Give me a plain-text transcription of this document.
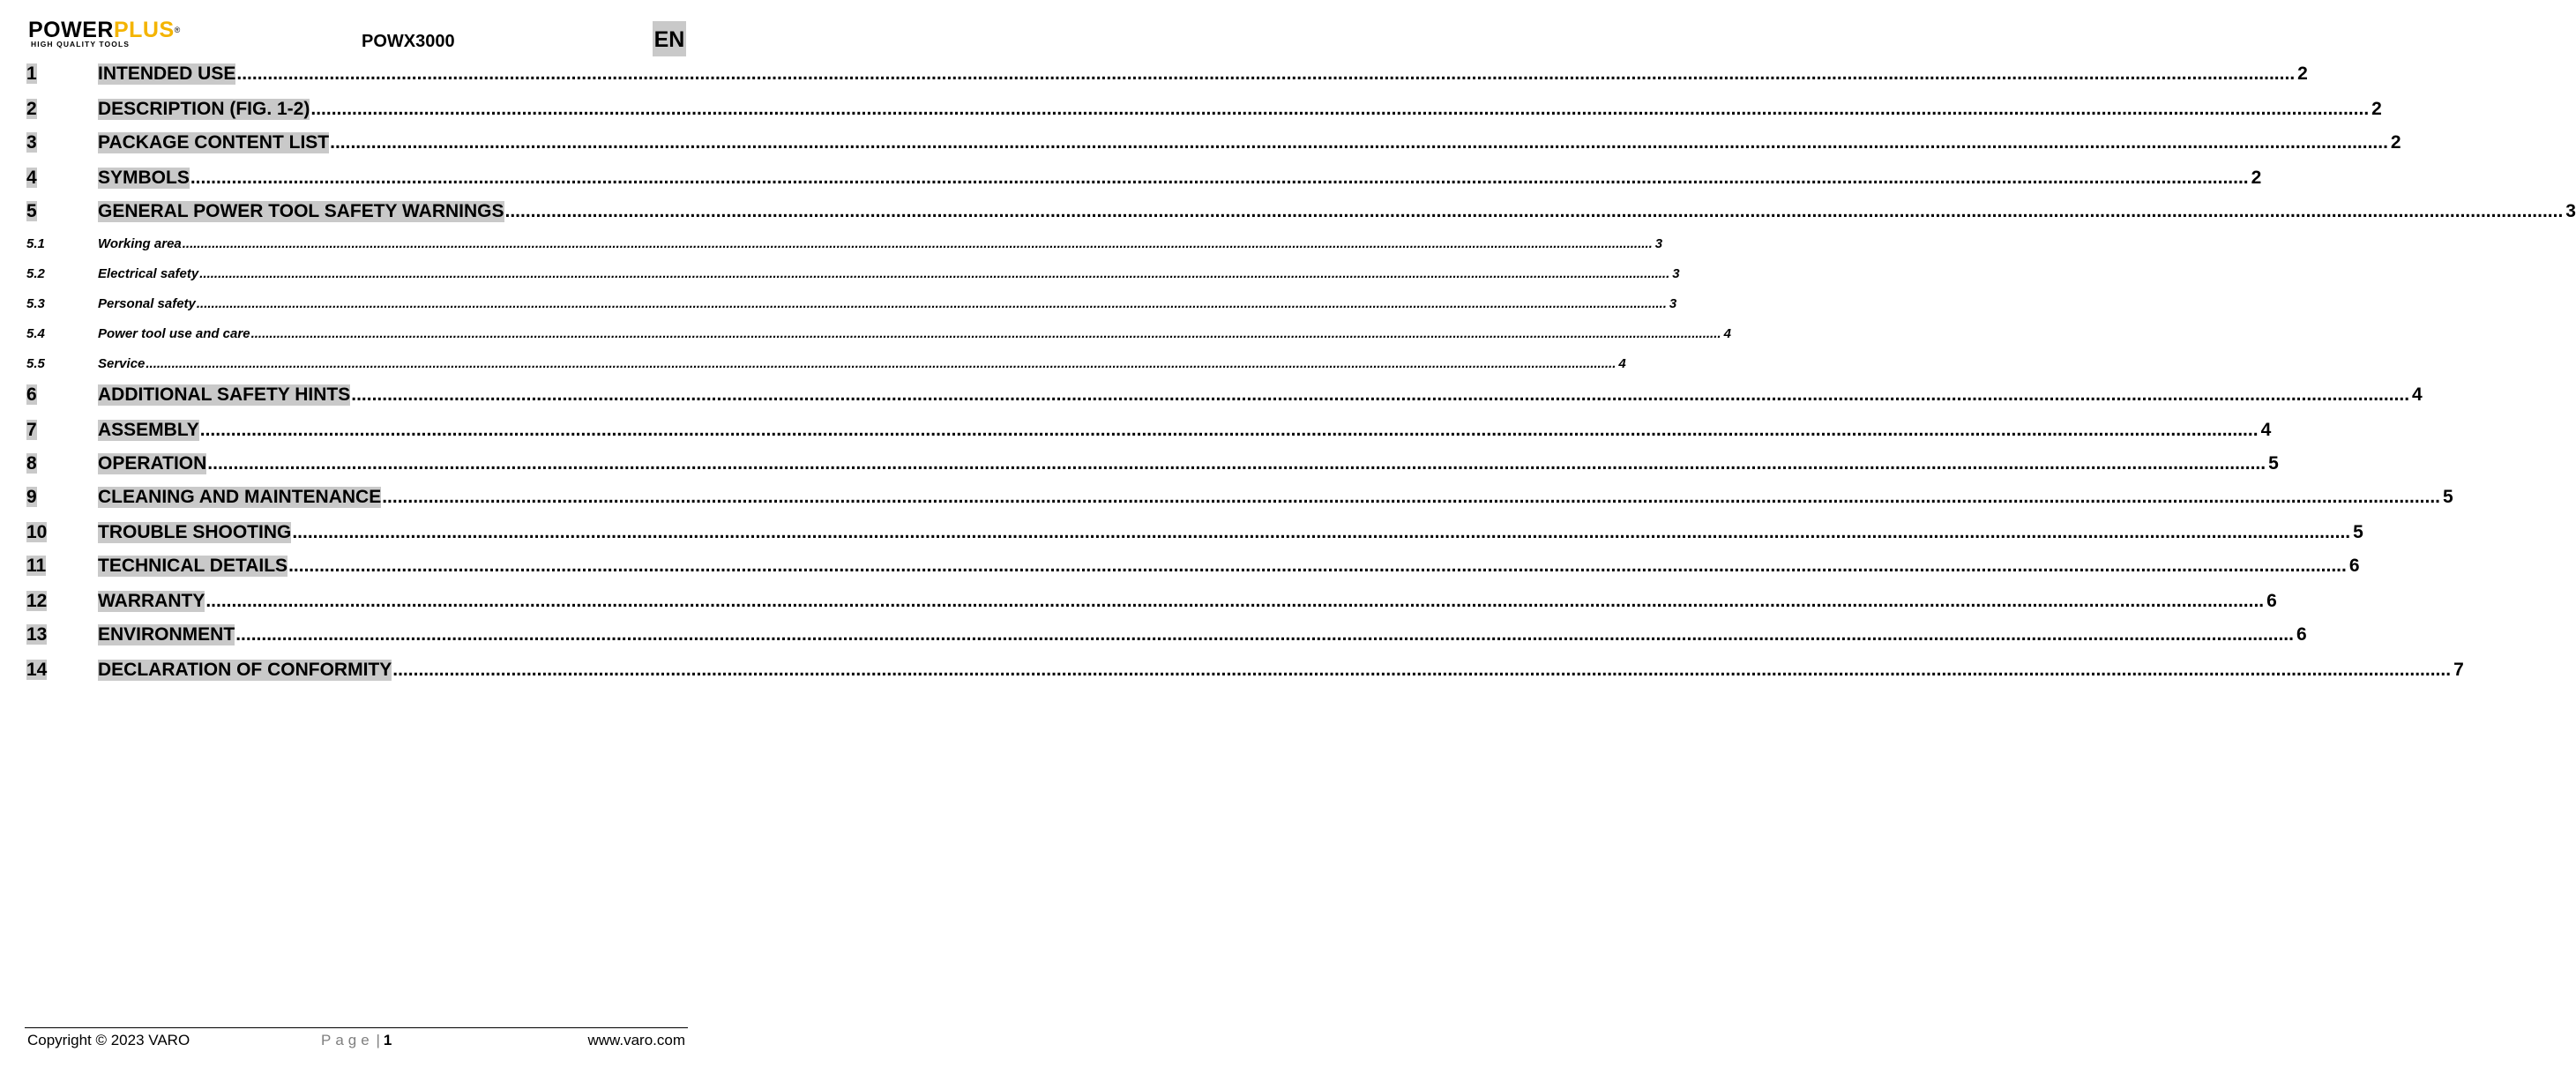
POWERPLUS®
HIGH QUALITY TOOLS	POWX3000	EN
1	INTENDED USE ................................................................................................................................................................................................................................................................................................................................................................................................................ 2
2	DESCRIPTION (FIG. 1-2) ................................................................................................................................................................................................................................................................................................................................................................................................................ 2
3	PACKAGE CONTENT LIST ................................................................................................................................................................................................................................................................................................................................................................................................................ 2
4	SYMBOLS ................................................................................................................................................................................................................................................................................................................................................................................................................ 2
5	GENERAL POWER TOOL SAFETY WARNINGS ................................................................................................................................................................................................................................................................................................................................................................................................................ 3
5.1	Working area ................................................................................................................................................................................................................................................................................................................................................................................................................ 3
5.2	Electrical safety ................................................................................................................................................................................................................................................................................................................................................................................................................ 3
5.3	Personal safety ................................................................................................................................................................................................................................................................................................................................................................................................................ 3
5.4	Power tool use and care ................................................................................................................................................................................................................................................................................................................................................................................................................ 4
5.5	Service ................................................................................................................................................................................................................................................................................................................................................................................................................ 4
6	ADDITIONAL SAFETY HINTS ................................................................................................................................................................................................................................................................................................................................................................................................................ 4
7	ASSEMBLY ................................................................................................................................................................................................................................................................................................................................................................................................................ 4
8	OPERATION ................................................................................................................................................................................................................................................................................................................................................................................................................ 5
9	CLEANING AND MAINTENANCE ................................................................................................................................................................................................................................................................................................................................................................................................................ 5
10	TROUBLE SHOOTING ................................................................................................................................................................................................................................................................................................................................................................................................................ 5
11	TECHNICAL DETAILS ................................................................................................................................................................................................................................................................................................................................................................................................................ 6
12	WARRANTY ................................................................................................................................................................................................................................................................................................................................................................................................................ 6
13	ENVIRONMENT ................................................................................................................................................................................................................................................................................................................................................................................................................ 6
14	DECLARATION OF CONFORMITY ................................................................................................................................................................................................................................................................................................................................................................................................................ 7
Copyright © 2023 VARO	Page | 1	www.varo.com
